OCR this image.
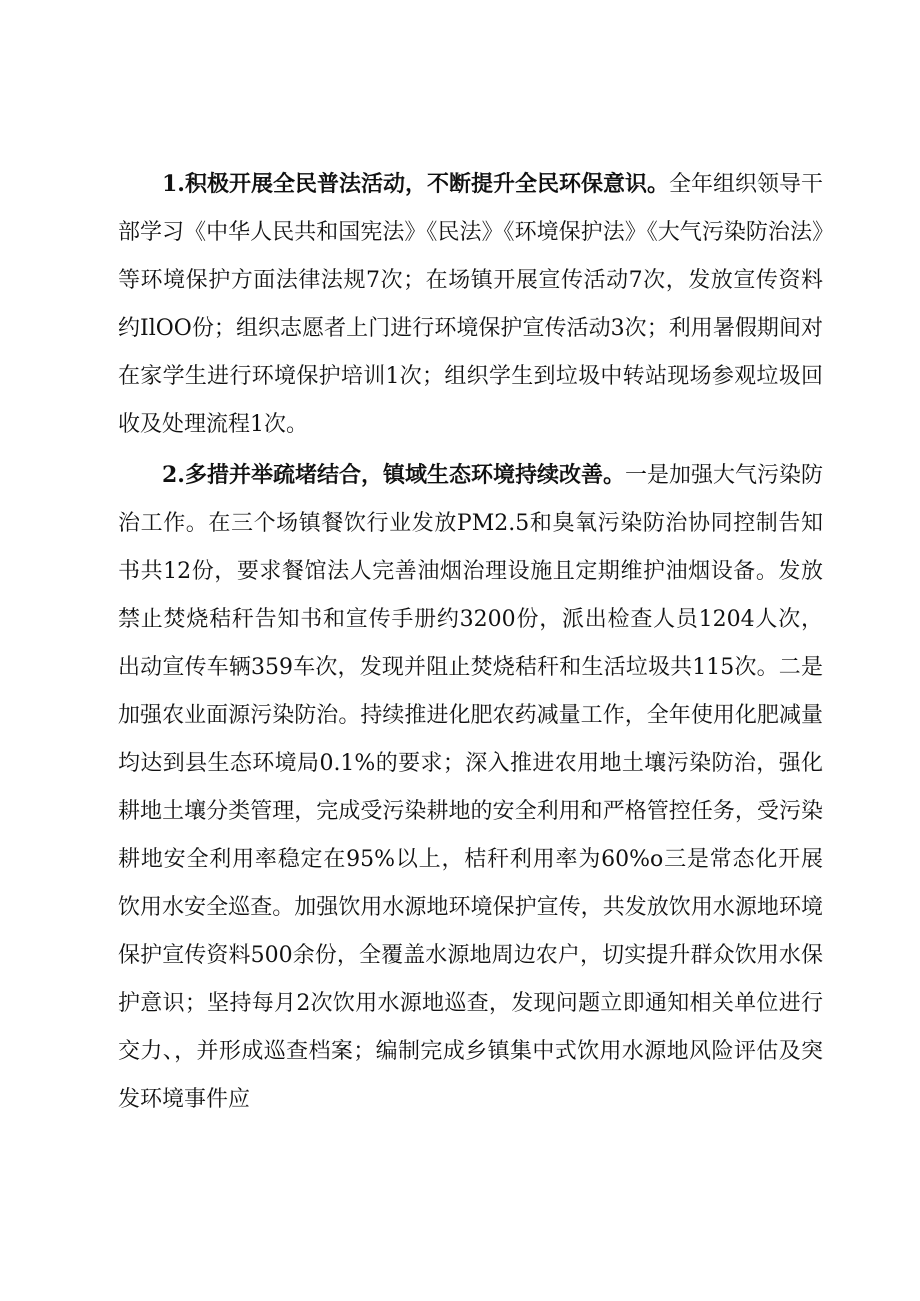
1.积极开展全民普法活动，不断提升全民环保意识。全年组织领导干部学习《中华人民共和国宪法》《民法》《环境保护法》《大气污染防治法》等环境保护方面法律法规7次；在场镇开展宣传活动7次，发放宣传资料约IlOO份；组织志愿者上门进行环境保护宣传活动3次；利用暑假期间对在家学生进行环境保护培训1次；组织学生到垃圾中转站现场参观垃圾回收及处理流程1次。

2.多措并举疏堵结合，镇域生态环境持续改善。一是加强大气污染防治工作。在三个场镇餐饮行业发放PM2.5和臭氧污染防治协同控制告知书共12份，要求餐馆法人完善油烟治理设施且定期维护油烟设备。发放禁止焚烧秸秆告知书和宣传手册约3200份，派出检查人员1204人次，出动宣传车辆359车次，发现并阻止焚烧秸秆和生活垃圾共115次。二是加强农业面源污染防治。持续推进化肥农药减量工作，全年使用化肥减量均达到县生态环境局0.1%的要求；深入推进农用地土壤污染防治，强化耕地土壤分类管理，完成受污染耕地的安全利用和严格管控任务，受污染耕地安全利用率稳定在95%以上，桔秆利用率为60%o三是常态化开展饮用水安全巡查。加强饮用水源地环境保护宣传，共发放饮用水源地环境保护宣传资料500余份，全覆盖水源地周边农户，切实提升群众饮用水保护意识；坚持每月2次饮用水源地巡查，发现问题立即通知相关单位进行交力、，并形成巡查档案；编制完成乡镇集中式饮用水源地风险评估及突发环境事件应
